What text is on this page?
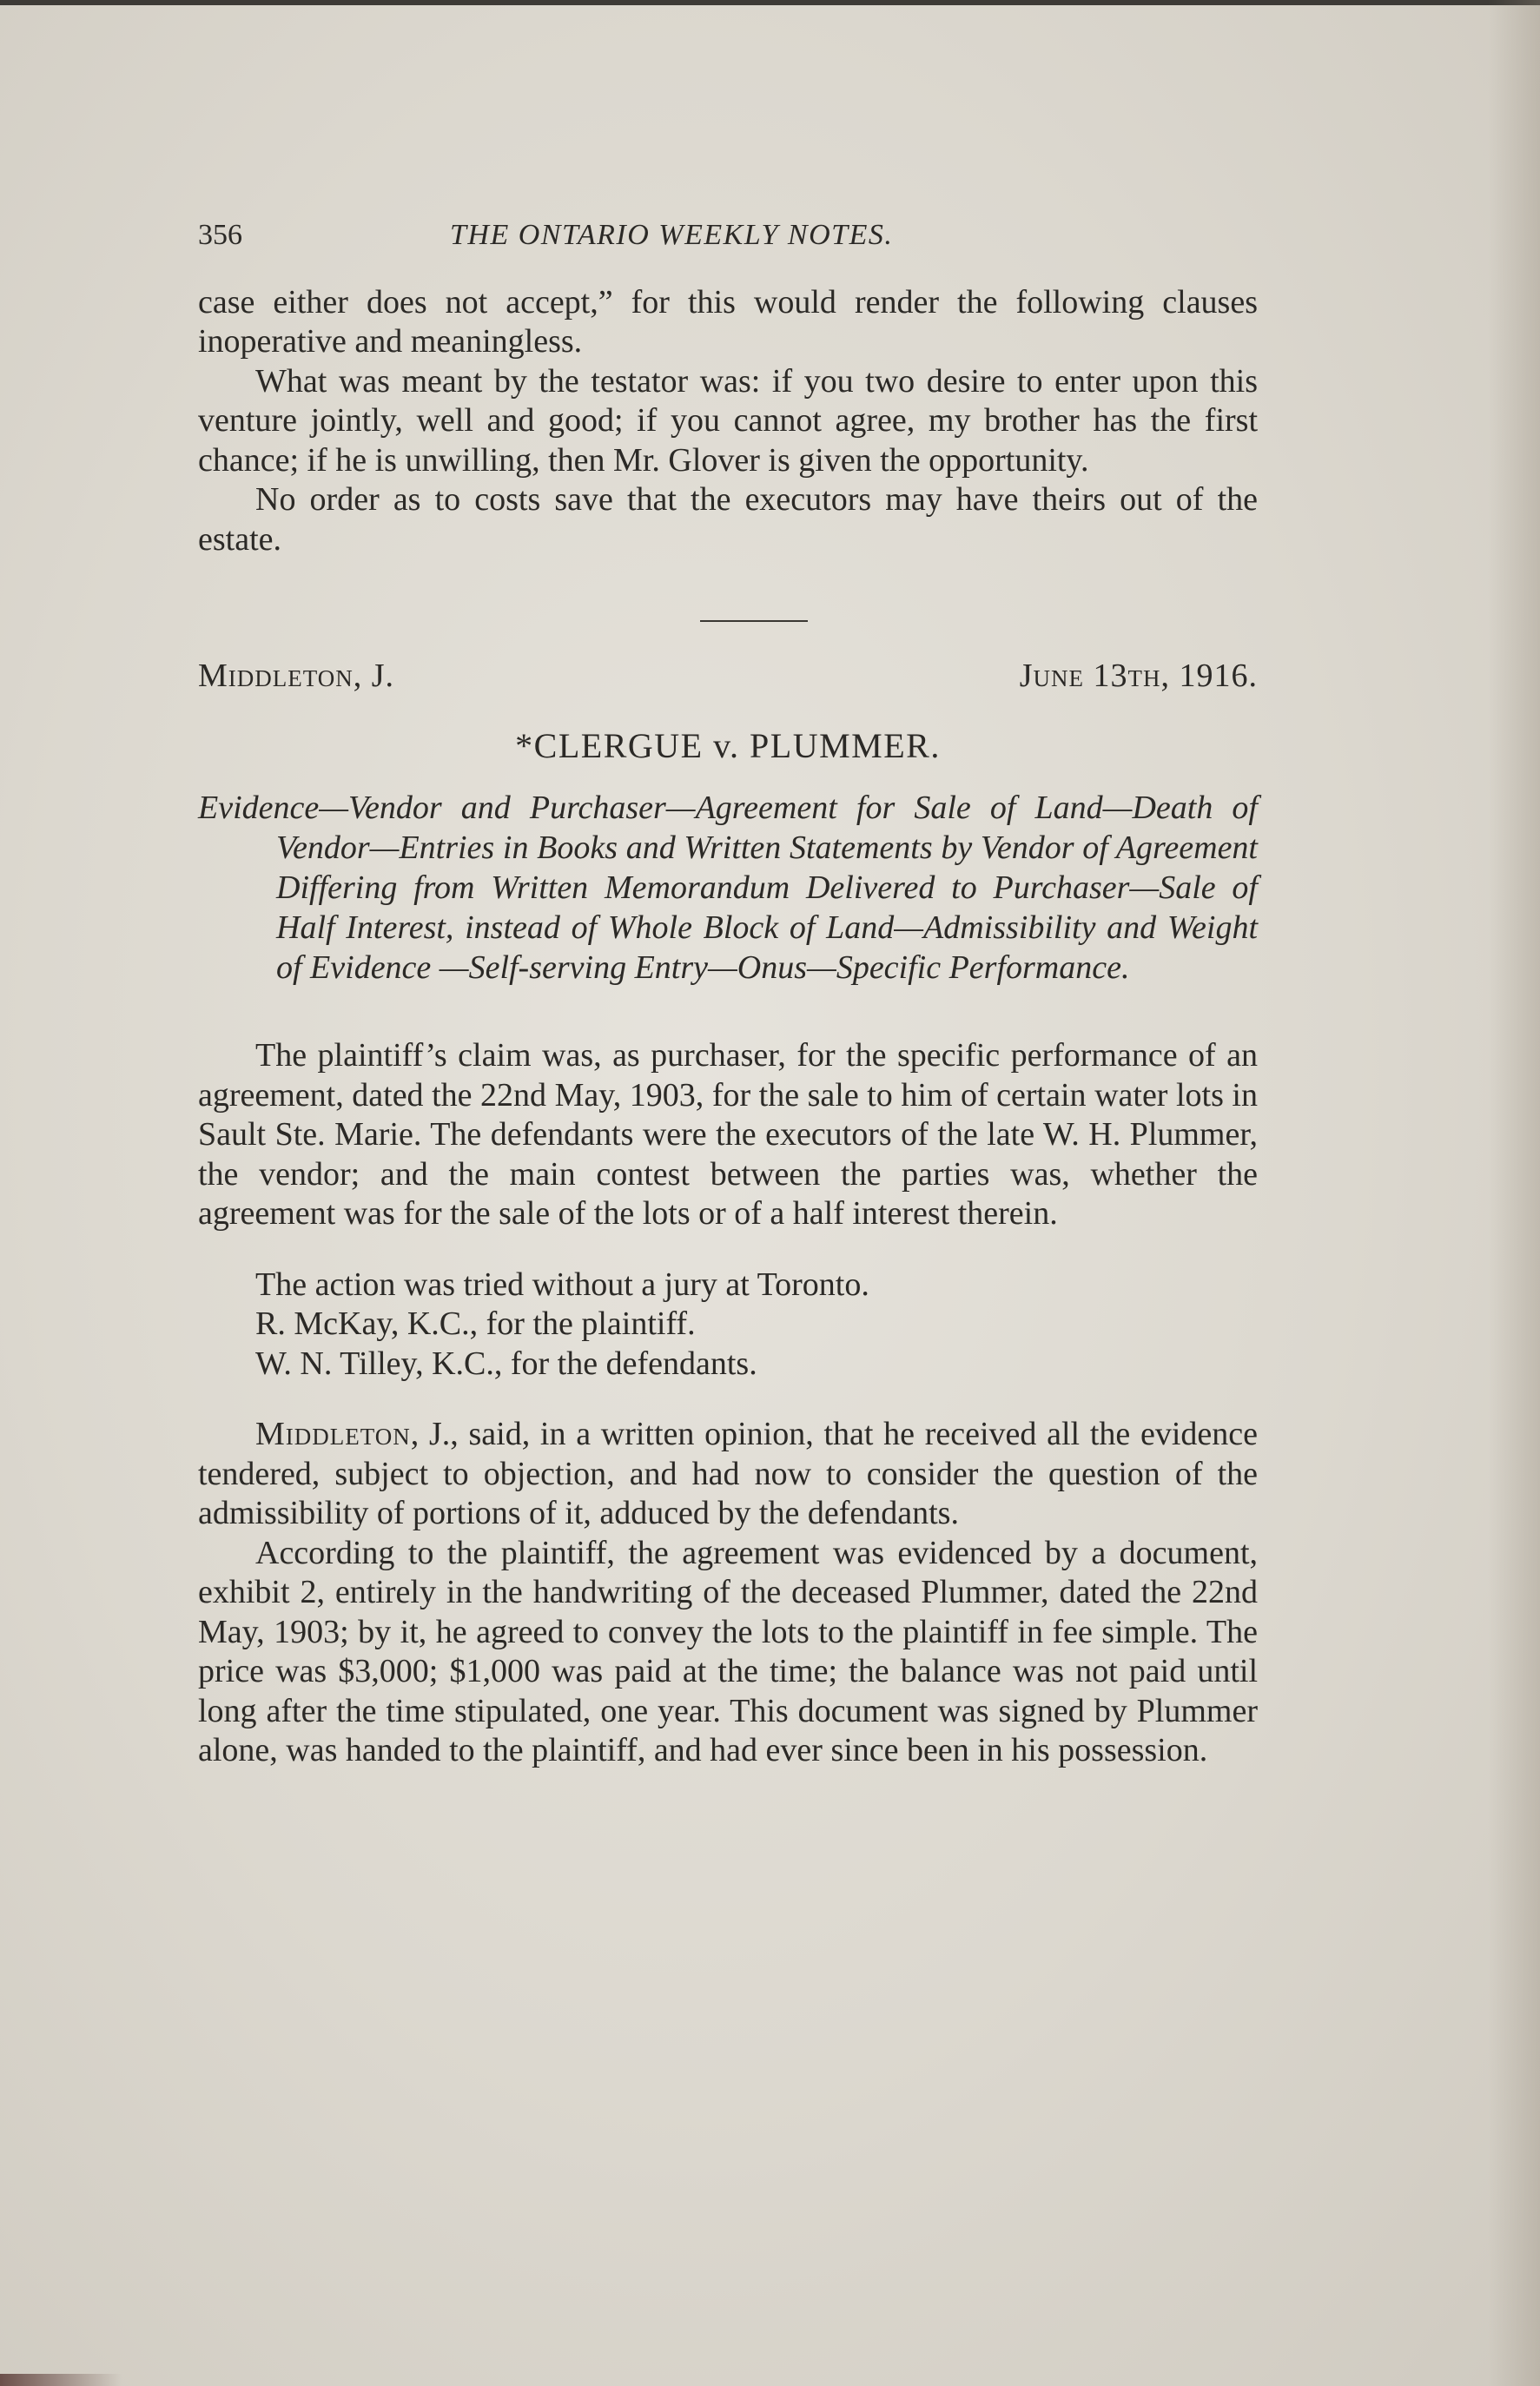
356	THE ONTARIO WEEKLY NOTES.

case either does not accept,” for this would render the following clauses inoperative and meaningless.

What was meant by the testator was: if you two desire to enter upon this venture jointly, well and good; if you cannot agree, my brother has the first chance; if he is unwilling, then Mr. Glover is given the opportunity.

No order as to costs save that the executors may have theirs out of the estate.

Middleton, J.	June 13th, 1916.
*CLERGUE v. PLUMMER.

Evidence—Vendor and Purchaser—Agreement for Sale of Land—Death of Vendor—Entries in Books and Written Statements by Vendor of Agreement Differing from Written Memorandum Delivered to Purchaser—Sale of Half Interest, instead of Whole Block of Land—Admissibility and Weight of Evidence —Self-serving Entry—Onus—Specific Performance.

The plaintiff’s claim was, as purchaser, for the specific performance of an agreement, dated the 22nd May, 1903, for the sale to him of certain water lots in Sault Ste. Marie. The defendants were the executors of the late W. H. Plummer, the vendor; and the main contest between the parties was, whether the agreement was for the sale of the lots or of a half interest therein.

The action was tried without a jury at Toronto.

R. McKay, K.C., for the plaintiff.

W. N. Tilley, K.C., for the defendants.

Middleton, J., said, in a written opinion, that he received all the evidence tendered, subject to objection, and had now to consider the question of the admissibility of portions of it, adduced by the defendants.

According to the plaintiff, the agreement was evidenced by a document, exhibit 2, entirely in the handwriting of the deceased Plummer, dated the 22nd May, 1903; by it, he agreed to convey the lots to the plaintiff in fee simple. The price was $3,000; $1,000 was paid at the time; the balance was not paid until long after the time stipulated, one year. This document was signed by Plummer alone, was handed to the plaintiff, and had ever since been in his possession.
